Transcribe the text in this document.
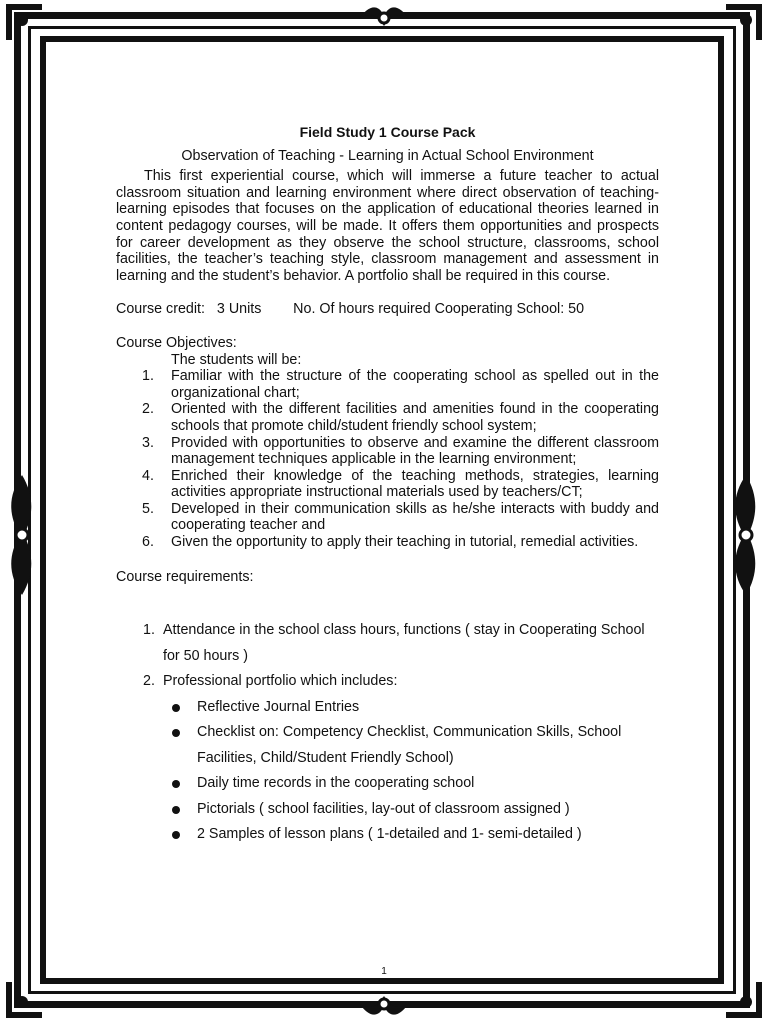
Field Study 1 Course Pack
Observation of Teaching - Learning in Actual School Environment

This first experiential course, which will immerse a future teacher to actual classroom situation and learning environment where direct observation of teaching-learning episodes that focuses on the application of educational theories learned in content pedagogy courses, will be made. It offers them opportunities and prospects for career development as they observe the school structure, classrooms, school facilities, the teacher’s teaching style, classroom management and assessment in learning and the student’s behavior. A portfolio shall be required in this course.

Course credit:   3 Units        No. Of hours required Cooperating School: 50
Course Objectives:
The students will be:
1. Familiar with the structure of the cooperating school as spelled out in the organizational chart;
2. Oriented with the different facilities and amenities found in the cooperating schools that promote child/student friendly school system;
3. Provided with opportunities to observe and examine the different classroom management techniques applicable in the learning environment;
4. Enriched their knowledge of the teaching methods, strategies, learning activities appropriate instructional materials used by teachers/CT;
5. Developed in their communication skills as he/she interacts with buddy and cooperating teacher and
6. Given the opportunity to apply their teaching in tutorial, remedial activities.
Course requirements:
1. Attendance in the school class hours, functions ( stay in Cooperating School for 50 hours )
2. Professional portfolio which includes:
Reflective Journal Entries
Checklist on: Competency Checklist, Communication Skills, School Facilities, Child/Student Friendly School)
Daily time records in the cooperating school
Pictorials ( school facilities, lay-out of classroom assigned )
2 Samples of lesson plans ( 1-detailed and 1- semi-detailed )
1
